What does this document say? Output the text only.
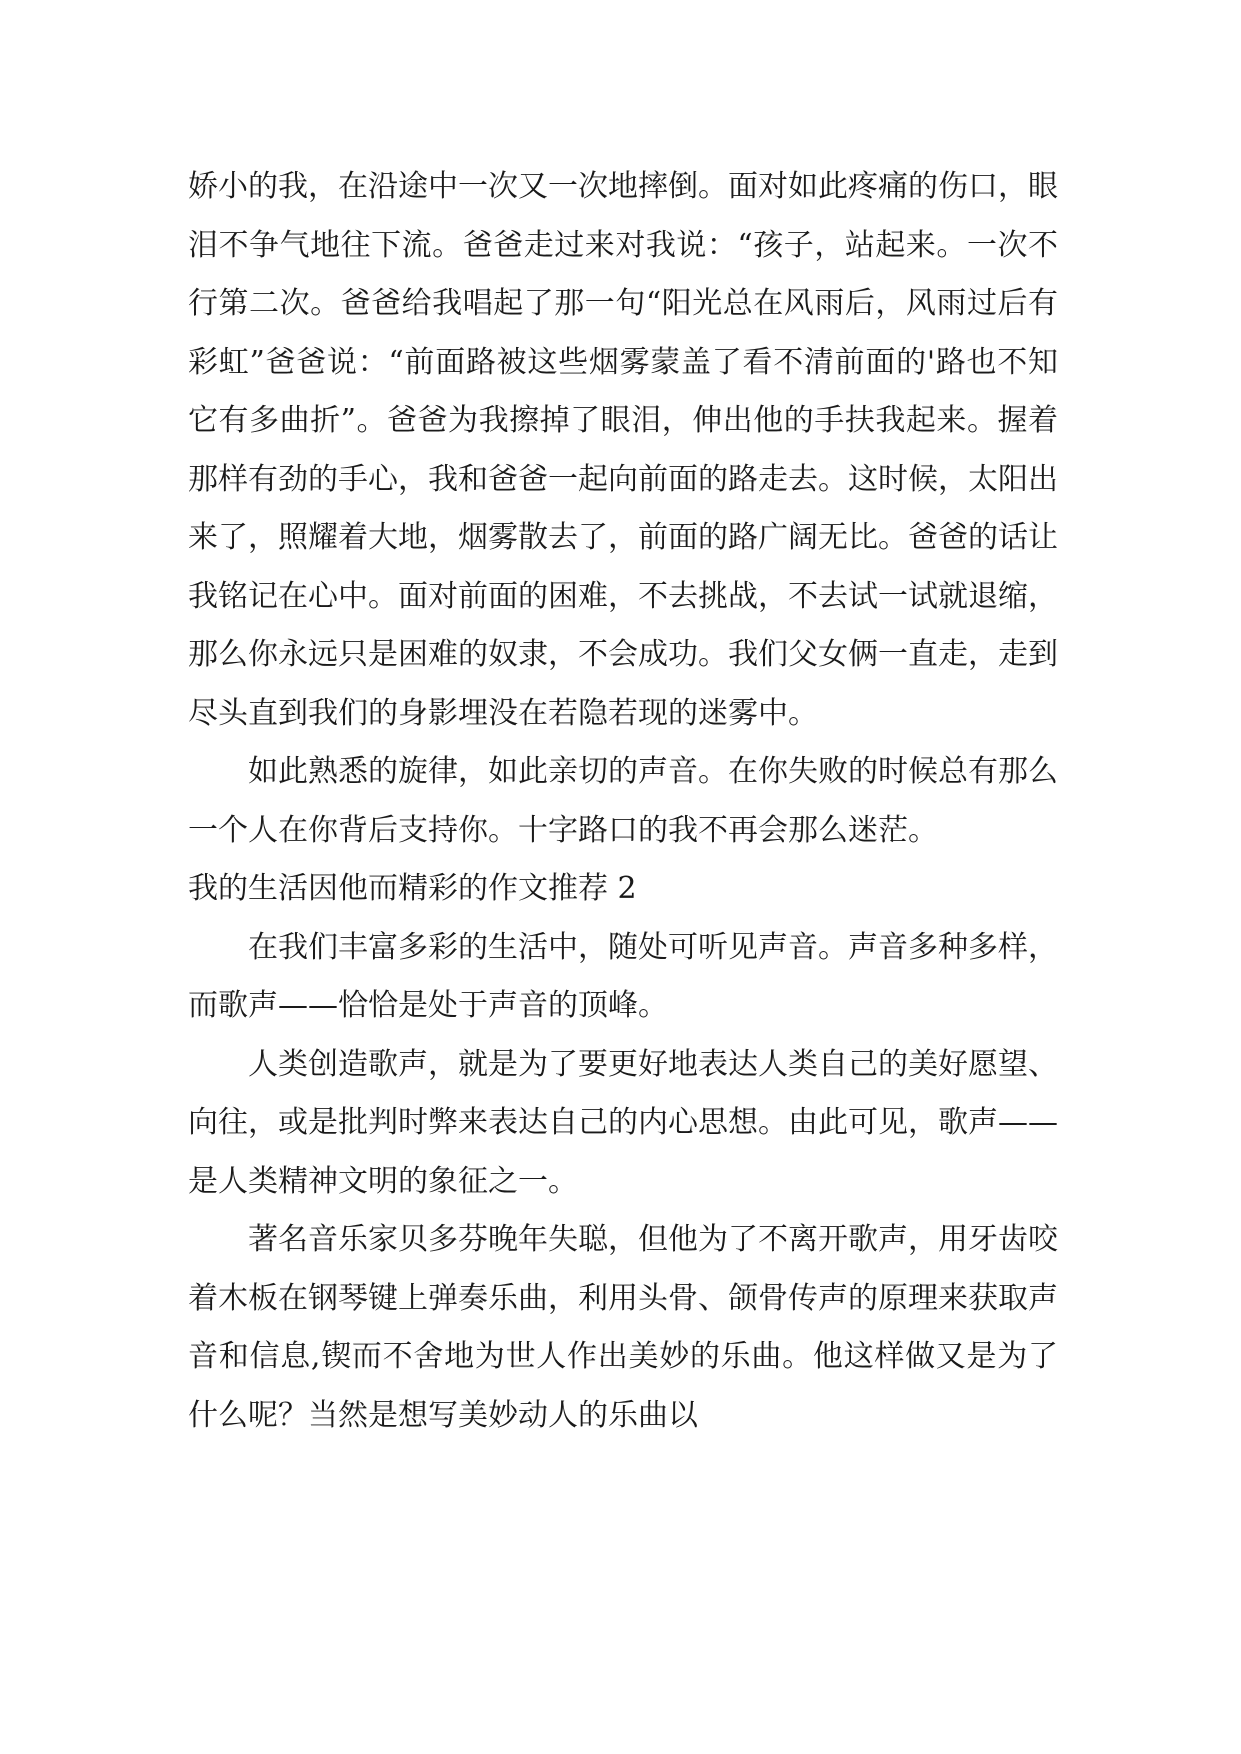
娇小的我，在沿途中一次又一次地摔倒。面对如此疼痛的伤口，眼泪不争气地往下流。爸爸走过来对我说：“孩子，站起来。一次不行第二次。爸爸给我唱起了那一句“阳光总在风雨后，风雨过后有彩虹”爸爸说：“前面路被这些烟雾蒙盖了看不清前面的'路也不知它有多曲折”。爸爸为我擦掉了眼泪，伸出他的手扶我起来。握着那样有劲的手心，我和爸爸一起向前面的路走去。这时候，太阳出来了，照耀着大地，烟雾散去了，前面的路广阔无比。爸爸的话让我铭记在心中。面对前面的困难，不去挑战，不去试一试就退缩，那么你永远只是困难的奴隶，不会成功。我们父女俩一直走，走到尽头直到我们的身影埋没在若隐若现的迷雾中。

如此熟悉的旋律，如此亲切的声音。在你失败的时候总有那么一个人在你背后支持你。十字路口的我不再会那么迷茫。

我的生活因他而精彩的作文推荐 2

在我们丰富多彩的生活中，随处可听见声音。声音多种多样，而歌声——恰恰是处于声音的顶峰。

人类创造歌声，就是为了要更好地表达人类自己的美好愿望、向往，或是批判时弊来表达自己的内心思想。由此可见，歌声——是人类精神文明的象征之一。

著名音乐家贝多芬晚年失聪，但他为了不离开歌声，用牙齿咬着木板在钢琴键上弹奏乐曲，利用头骨、颌骨传声的原理来获取声音和信息,锲而不舍地为世人作出美妙的乐曲。他这样做又是为了什么呢？当然是想写美妙动人的乐曲以
